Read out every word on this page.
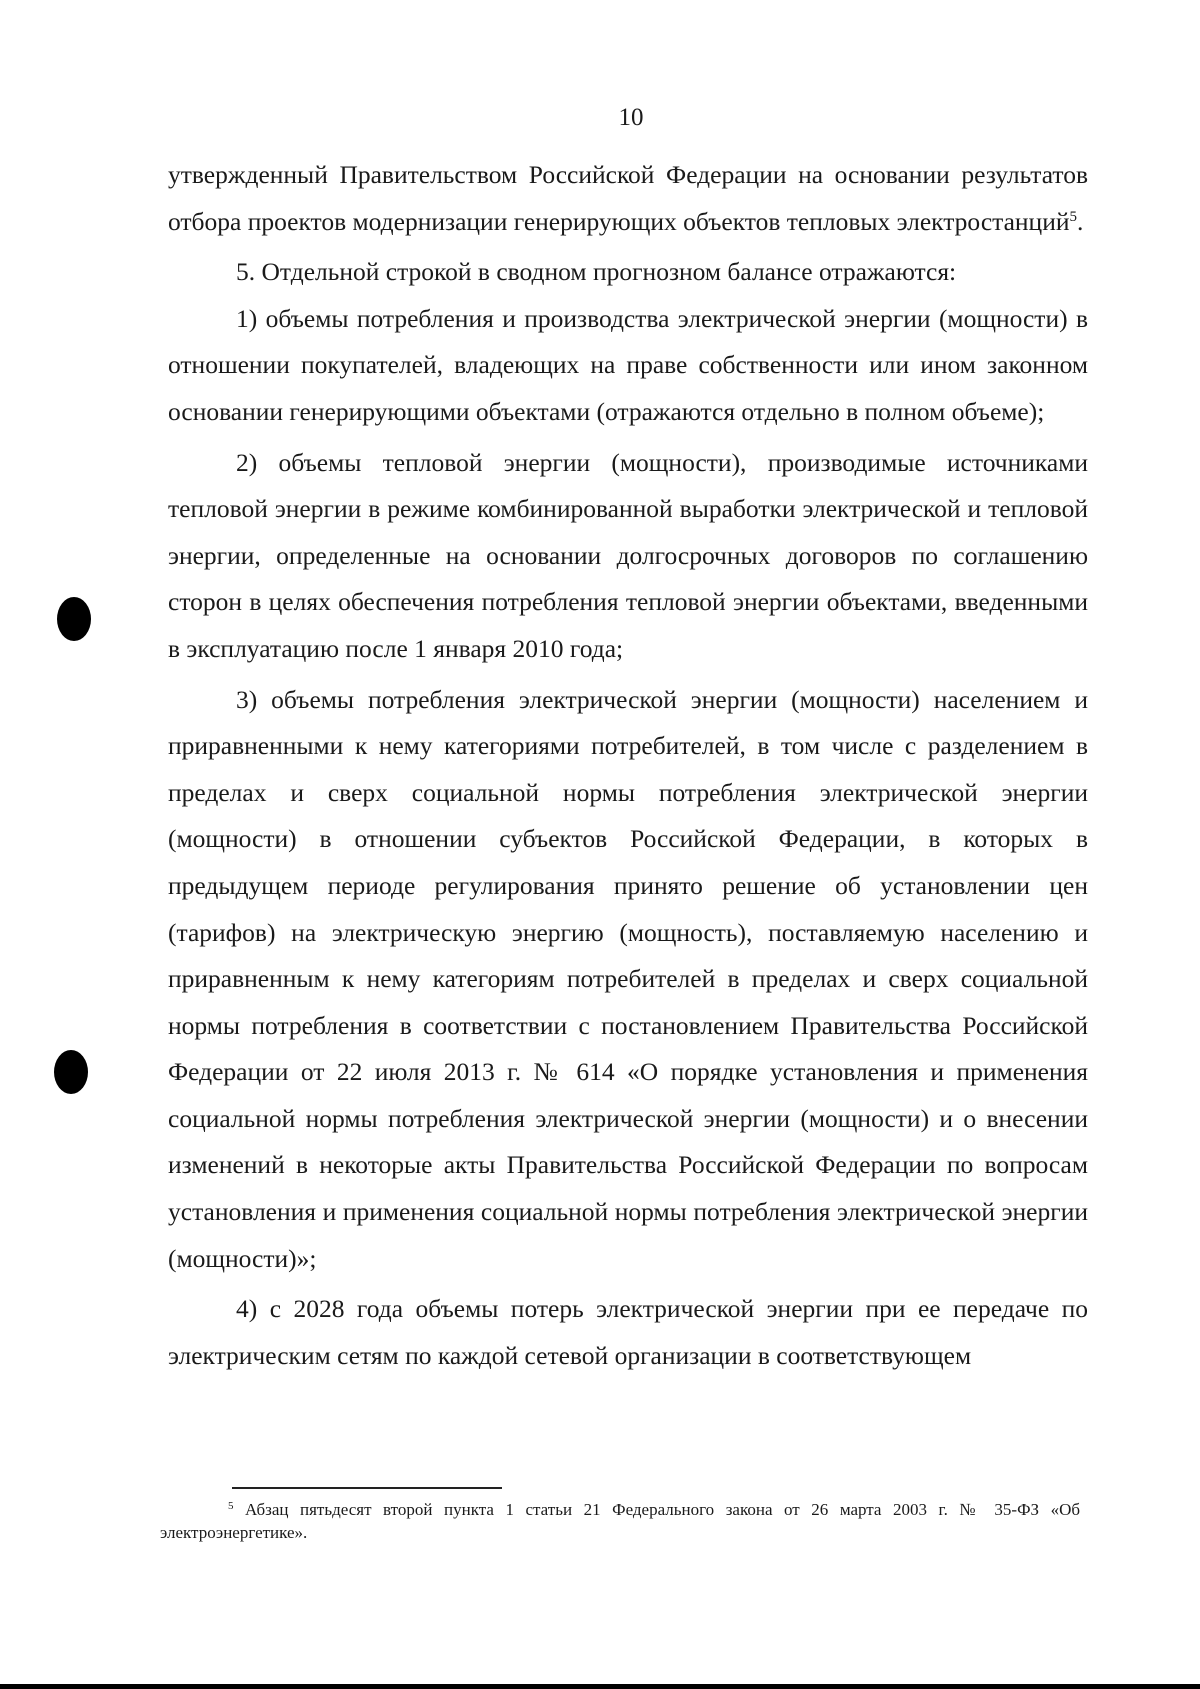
10

утвержденный Правительством Российской Федерации на основании результатов отбора проектов модернизации генерирующих объектов тепловых электростанций$^5$.

5. Отдельной строкой в сводном прогнозном балансе отражаются:

1) объемы потребления и производства электрической энергии (мощности) в отношении покупателей, владеющих на праве собственности или ином законном основании генерирующими объектами (отражаются отдельно в полном объеме);

2) объемы тепловой энергии (мощности), производимые источниками тепловой энергии в режиме комбинированной выработки электрической и тепловой энергии, определенные на основании долгосрочных договоров по соглашению сторон в целях обеспечения потребления тепловой энергии объектами, введенными в эксплуатацию после 1 января 2010 года;

3) объемы потребления электрической энергии (мощности) населением и приравненными к нему категориями потребителей, в том числе с разделением в пределах и сверх социальной нормы потребления электрической энергии (мощности) в отношении субъектов Российской Федерации, в которых в предыдущем периоде регулирования принято решение об установлении цен (тарифов) на электрическую энергию (мощность), поставляемую населению и приравненным к нему категориям потребителей в пределах и сверх социальной нормы потребления в соответствии с постановлением Правительства Российской Федерации от 22 июля 2013 г. № 614 «О порядке установления и применения социальной нормы потребления электрической энергии (мощности) и о внесении изменений в некоторые акты Правительства Российской Федерации по вопросам установления и применения социальной нормы потребления электрической энергии (мощности)»;

4) с 2028 года объемы потерь электрической энергии при ее передаче по электрическим сетям по каждой сетевой организации в соответствующем

$^5$ Абзац пятьдесят второй пункта 1 статьи 21 Федерального закона от 26 марта 2003 г. № 35-ФЗ «Об электроэнергетике».
